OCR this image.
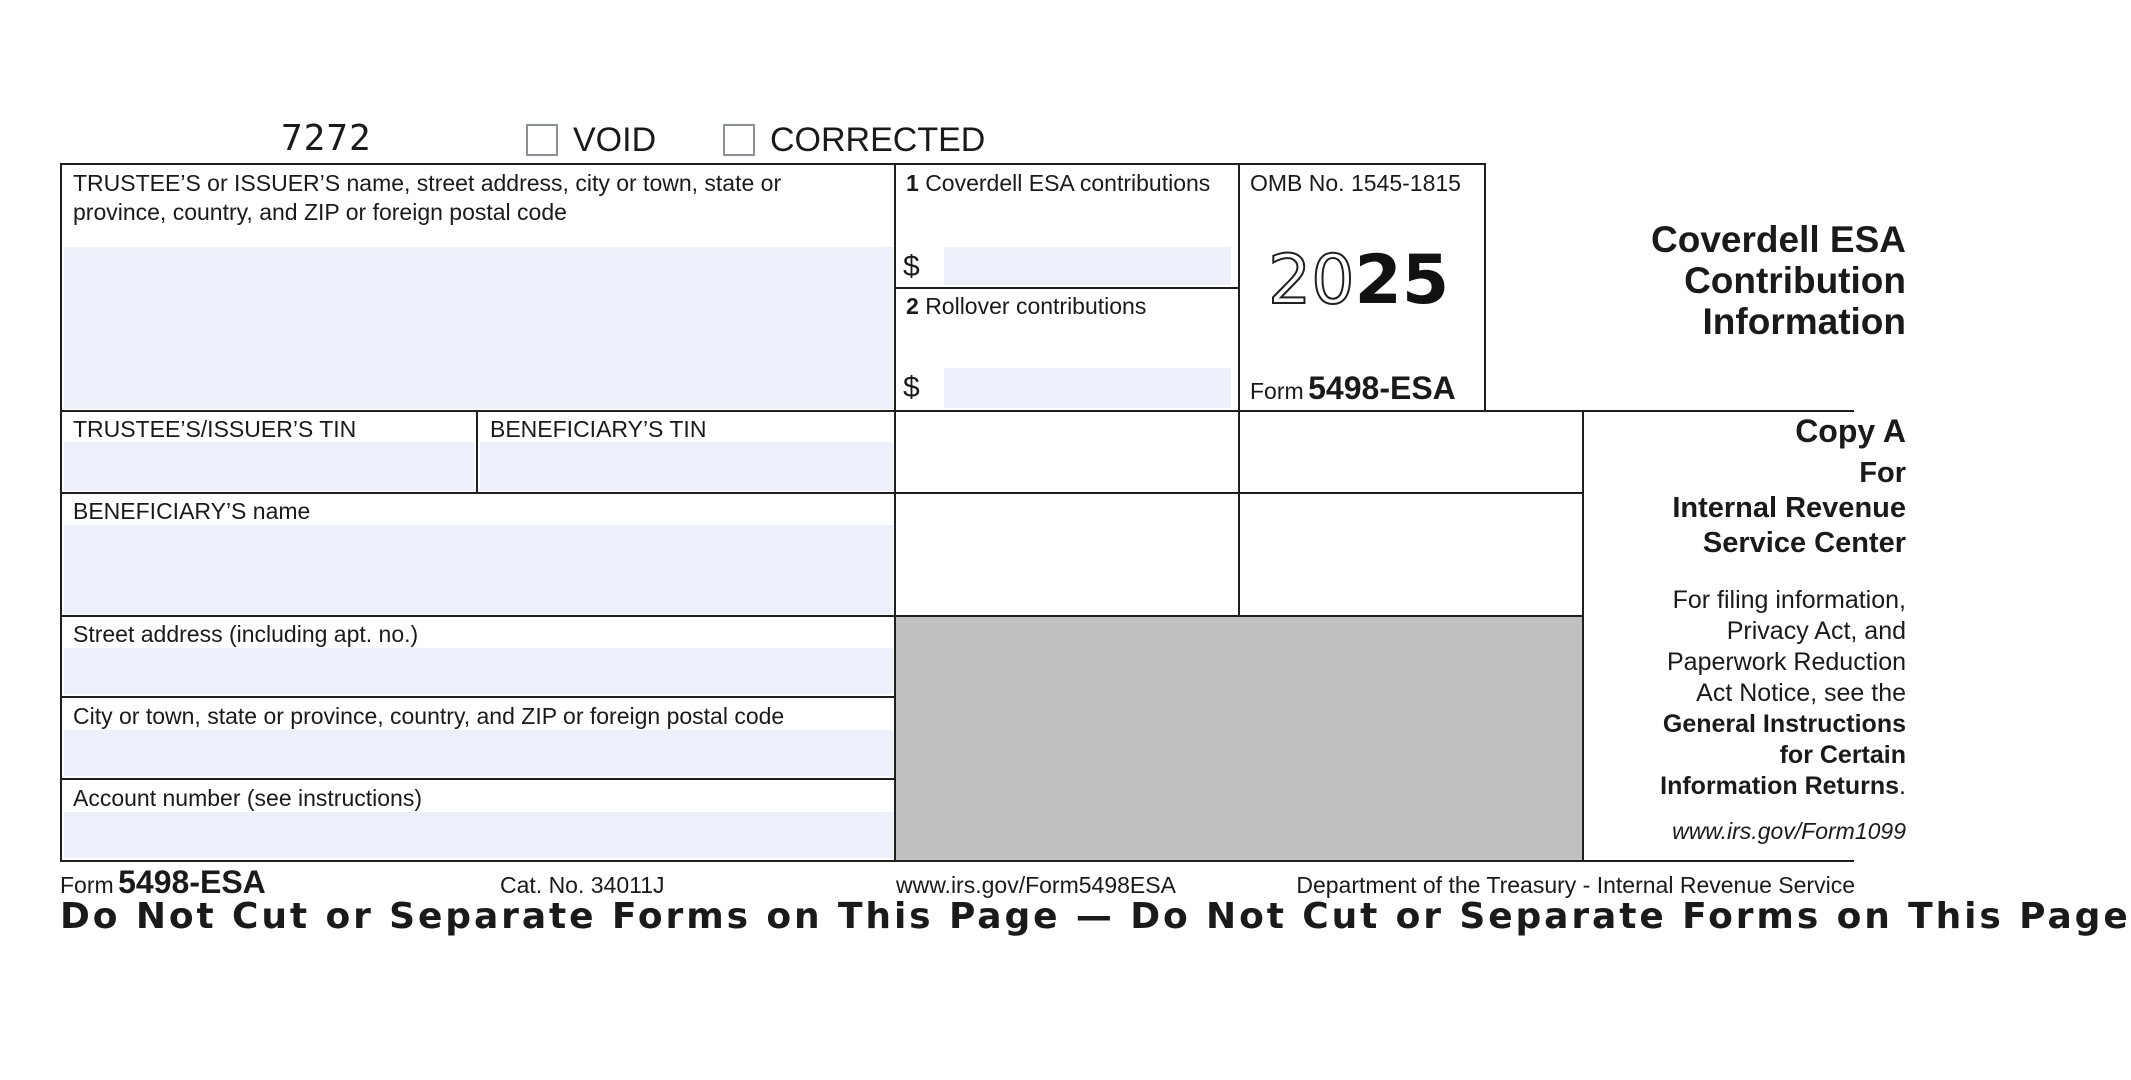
7272	VOID	CORRECTED
TRUSTEE’S or ISSUER’S name, street address, city or town, state or
province, country, and ZIP or foreign postal code
1 Coverdell ESA contributions
$
2 Rollover contributions
$
OMB No. 1545-1815
2025
Form 5498-ESA
TRUSTEE’S/ISSUER’S TIN	BENEFICIARY’S TIN
BENEFICIARY’S name
Street address (including apt. no.)
City or town, state or province, country, and ZIP or foreign postal code
Account number (see instructions)
Coverdell ESA
Contribution
Information
Copy A
For
Internal Revenue
Service Center
For filing information,
Privacy Act, and
Paperwork Reduction
Act Notice, see the
General Instructions
for Certain
Information Returns.
www.irs.gov/Form1099
Form 5498-ESA	Cat. No. 34011J	www.irs.gov/Form5498ESA	Department of the Treasury - Internal Revenue Service
Do Not Cut or Separate Forms on This Page — Do Not Cut or Separate Forms on This Page
